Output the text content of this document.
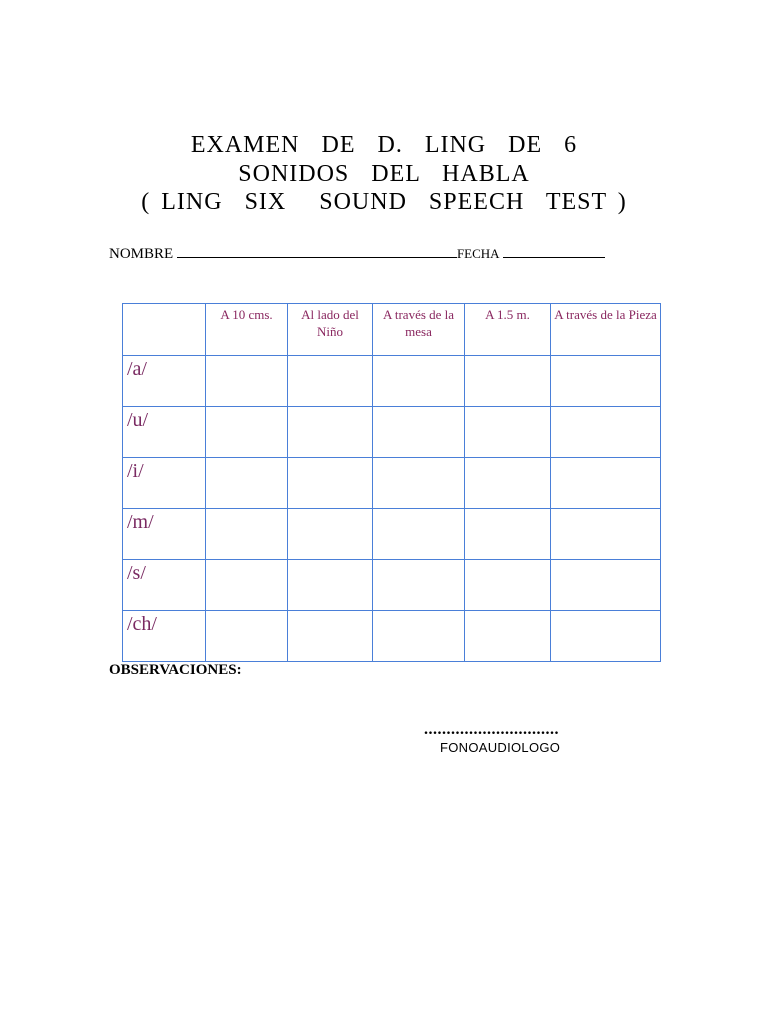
EXAMEN  DE  D.  LING  DE  6
SONIDOS  DEL  HABLA
( LING  SIX   SOUND  SPEECH  TEST )
NOMBRE	FECHA
	A 10 cms.	Al lado del Niño	A través de la mesa	A 1.5 m.	A través de la Pieza
/a/					
/u/					
/i/					
/m/					
/s/					
/ch/					
OBSERVACIONES:
..............................
FONOAUDIOLOGO
